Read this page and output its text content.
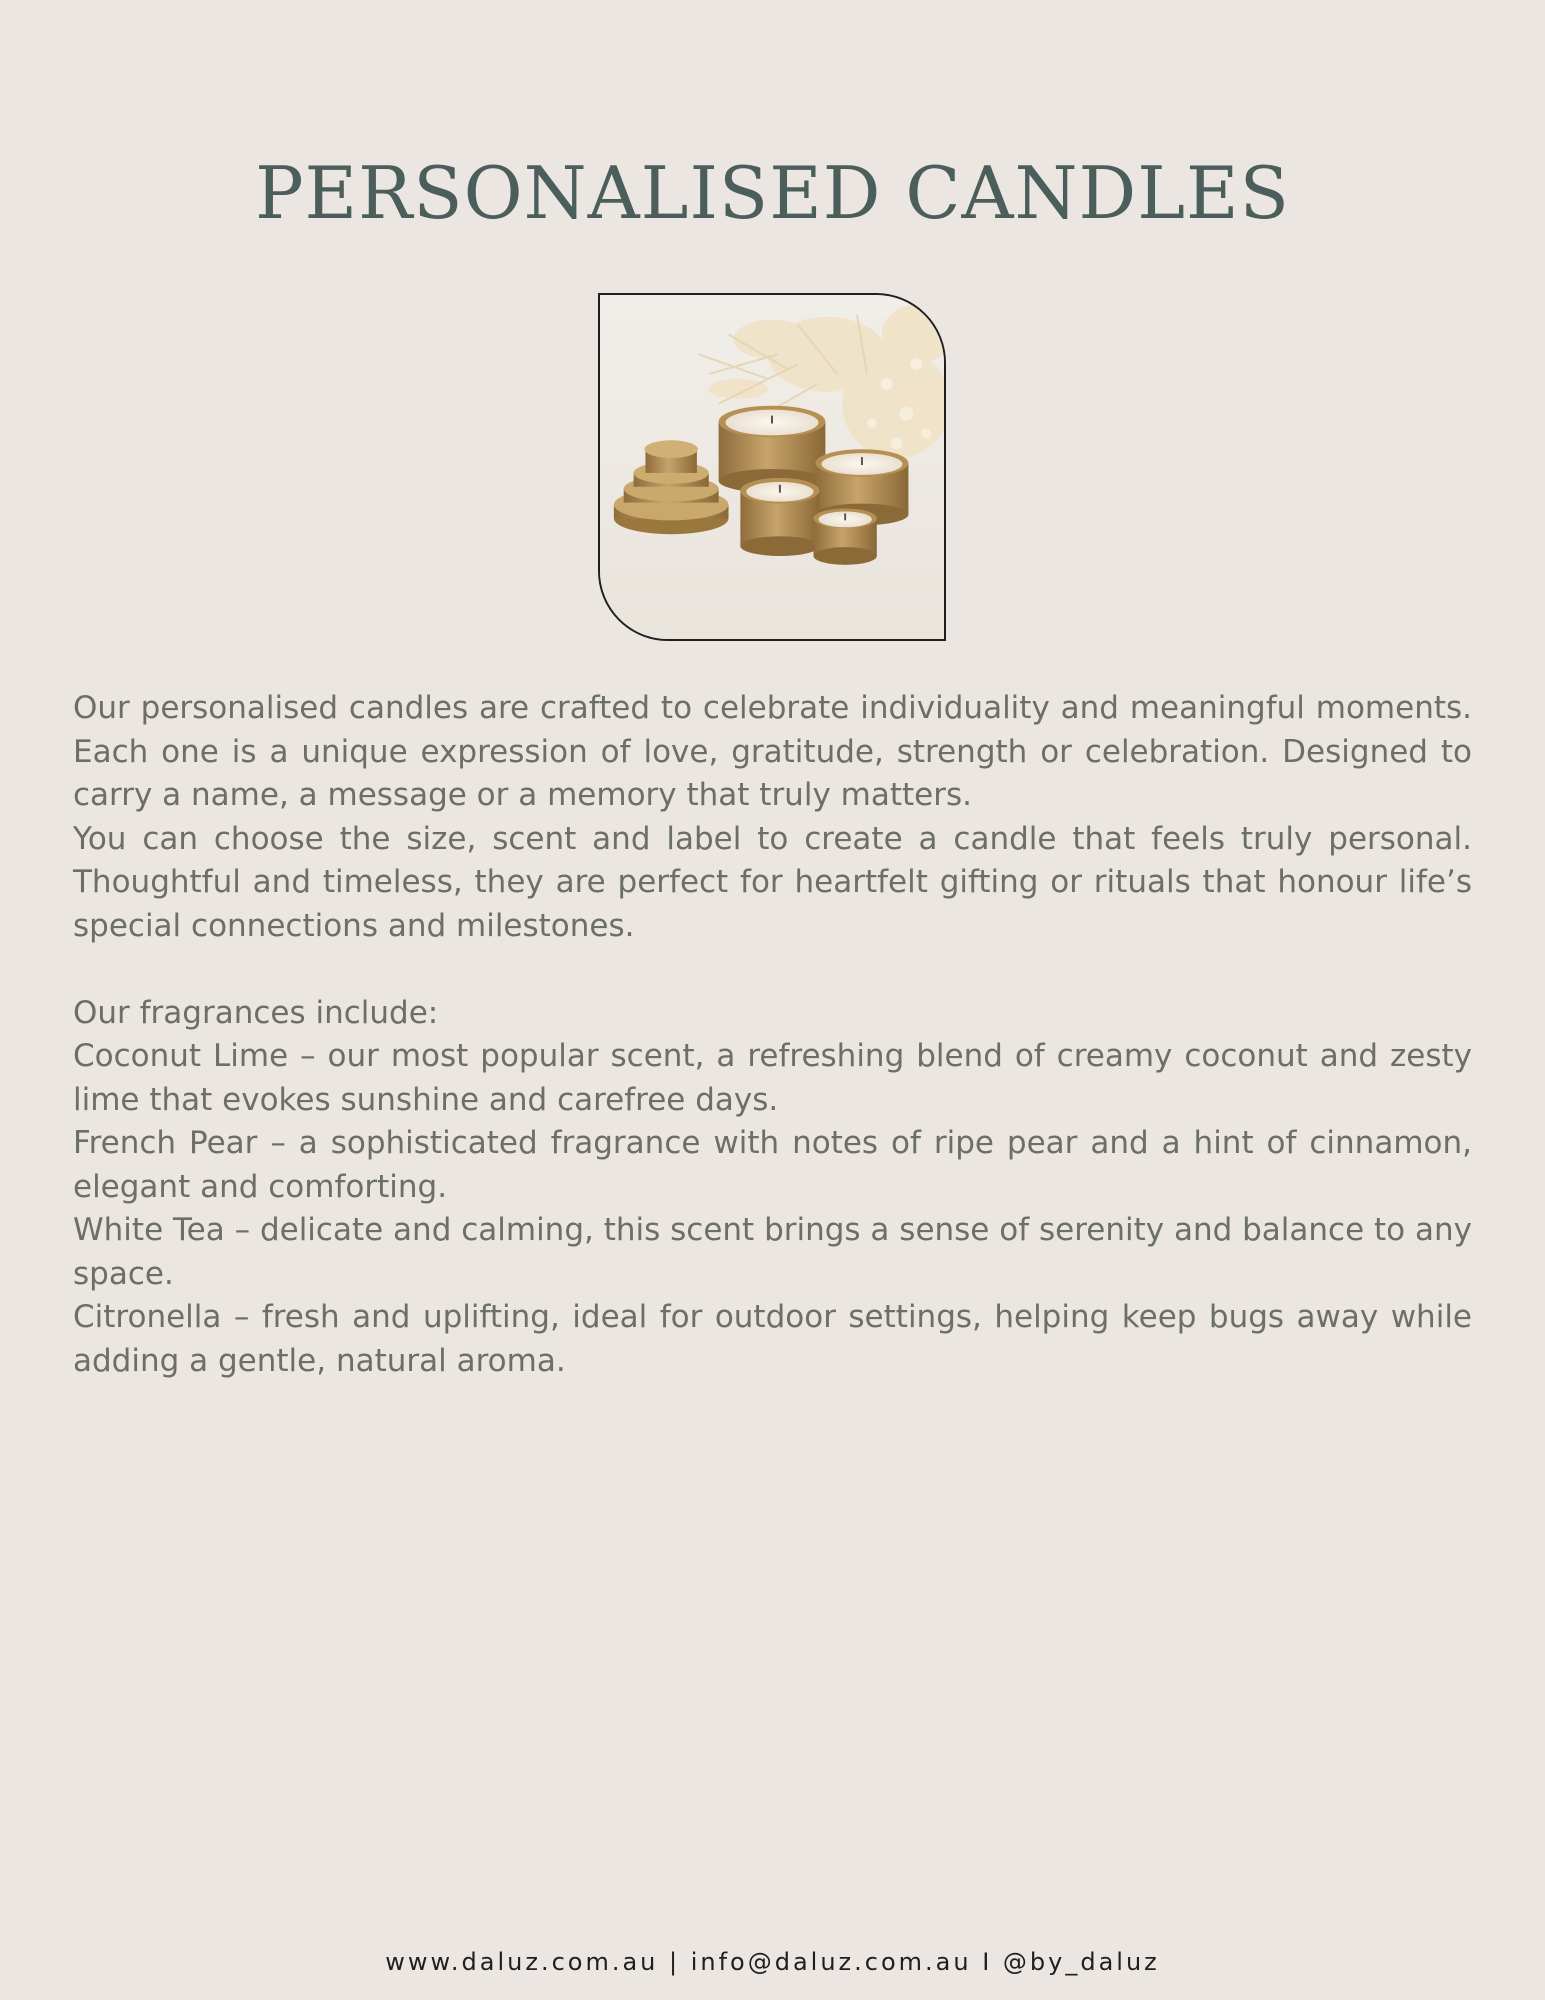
PERSONALISED CANDLES

Our personalised candles are crafted to celebrate individuality and meaningful moments. Each one is a unique expression of love, gratitude, strength or celebration. Designed to carry a name, a message or a memory that truly matters.

You can choose the size, scent and label to create a candle that feels truly personal. Thoughtful and timeless, they are perfect for heartfelt gifting or rituals that honour life’s special connections and milestones.

Our fragrances include:

Coconut Lime – our most popular scent, a refreshing blend of creamy coconut and zesty lime that evokes sunshine and carefree days.

French Pear – a sophisticated fragrance with notes of ripe pear and a hint of cinnamon, elegant and comforting.

White Tea – delicate and calming, this scent brings a sense of serenity and balance to any space.

Citronella – fresh and uplifting, ideal for outdoor settings, helping keep bugs away while adding a gentle, natural aroma.

www.daluz.com.au | info@daluz.com.au I @by_daluz
